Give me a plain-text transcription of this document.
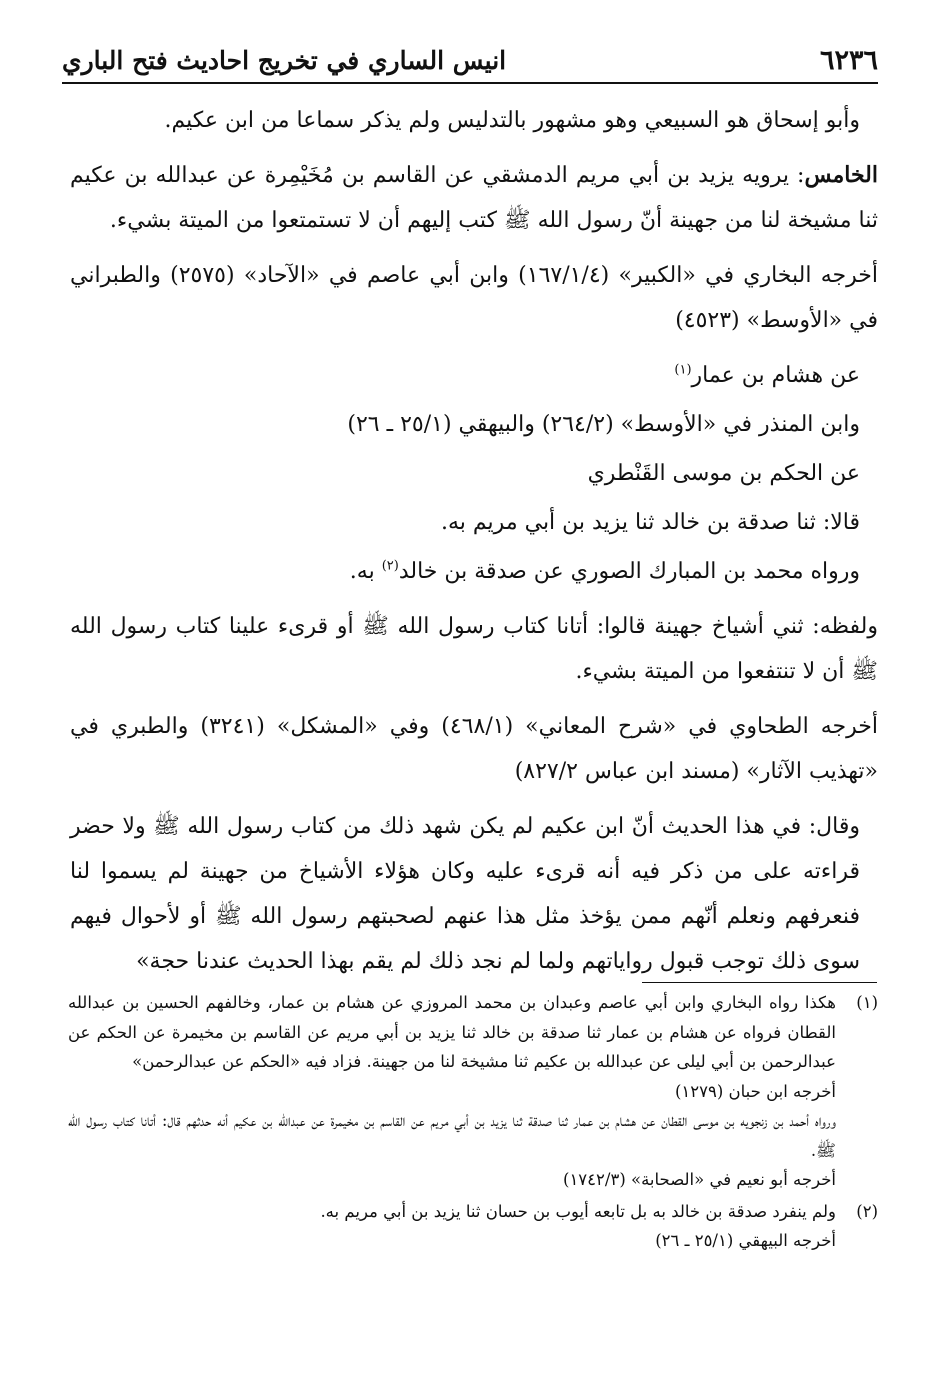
٦٢٣٦
انيس الساري في تخريج احاديث فتح الباري

وأبو إسحاق هو السبيعي وهو مشهور بالتدليس ولم يذكر سماعا من ابن عكيم.

الخامس: يرويه يزيد بن أبي مريم الدمشقي عن القاسم بن مُخَيْمِرة عن عبدالله بن عكيم ثنا مشيخة لنا من جهينة أنّ رسول الله ﷺ كتب إليهم أن لا تستمتعوا من الميتة بشيء.

أخرجه البخاري في «الكبير» (١٦٧/١/٤) وابن أبي عاصم في «الآحاد» (٢٥٧٥) والطبراني في «الأوسط» (٤٥٢٣)

عن هشام بن عمار$^{(١)}$

وابن المنذر في «الأوسط» (٢٦٤/٢) والبيهقي (٢٥/١ ـ ٢٦)

عن الحكم بن موسى القَنْطري

قالا: ثنا صدقة بن خالد ثنا يزيد بن أبي مريم به.

ورواه محمد بن المبارك الصوري عن صدقة بن خالد$^{(٢)}$ به.

ولفظه: ثني أشياخ جهينة قالوا: أتانا كتاب رسول الله ﷺ أو قرىء علينا كتاب رسول الله ﷺ أن لا تنتفعوا من الميتة بشيء.

أخرجه الطحاوي في «شرح المعاني» (٤٦٨/١) وفي «المشكل» (٣٢٤١) والطبري في «تهذيب الآثار» (مسند ابن عباس ٨٢٧/٢)

وقال: في هذا الحديث أنّ ابن عكيم لم يكن شهد ذلك من كتاب رسول الله ﷺ ولا حضر قراءته على من ذكر فيه أنه قرىء عليه وكان هؤلاء الأشياخ من جهينة لم يسموا لنا فنعرفهم ونعلم أنّهم ممن يؤخذ مثل هذا عنهم لصحبتهم رسول الله ﷺ أو لأحوال فيهم سوى ذلك توجب قبول رواياتهم ولما لم نجد ذلك لم يقم بهذا الحديث عندنا حجة»

(١)
هكذا رواه البخاري وابن أبي عاصم وعبدان بن محمد المروزي عن هشام بن عمار، وخالفهم الحسين بن عبدالله القطان فرواه عن هشام بن عمار ثنا صدقة بن خالد ثنا يزيد بن أبي مريم عن القاسم بن مخيمرة عن الحكم عن عبدالرحمن بن أبي ليلى عن عبدالله بن عكيم ثنا مشيخة لنا من جهينة. فزاد فيه «الحكم عن عبدالرحمن»
أخرجه ابن حبان (١٢٧٩)
ورواه أحمد بن زنجويه بن موسى القطان عن هشام بن عمار ثنا صدقة ثنا يزيد بن أبي مريم عن القاسم بن مخيمرة عن عبدالله بن عكيم أنه حدثهم قال: أتانا كتاب رسول الله ﷺ.
أخرجه أبو نعيم في «الصحابة» (١٧٤٢/٣)
(٢)
ولم ينفرد صدقة بن خالد به بل تابعه أيوب بن حسان ثنا يزيد بن أبي مريم به.
أخرجه البيهقي (٢٥/١ ـ ٢٦)
